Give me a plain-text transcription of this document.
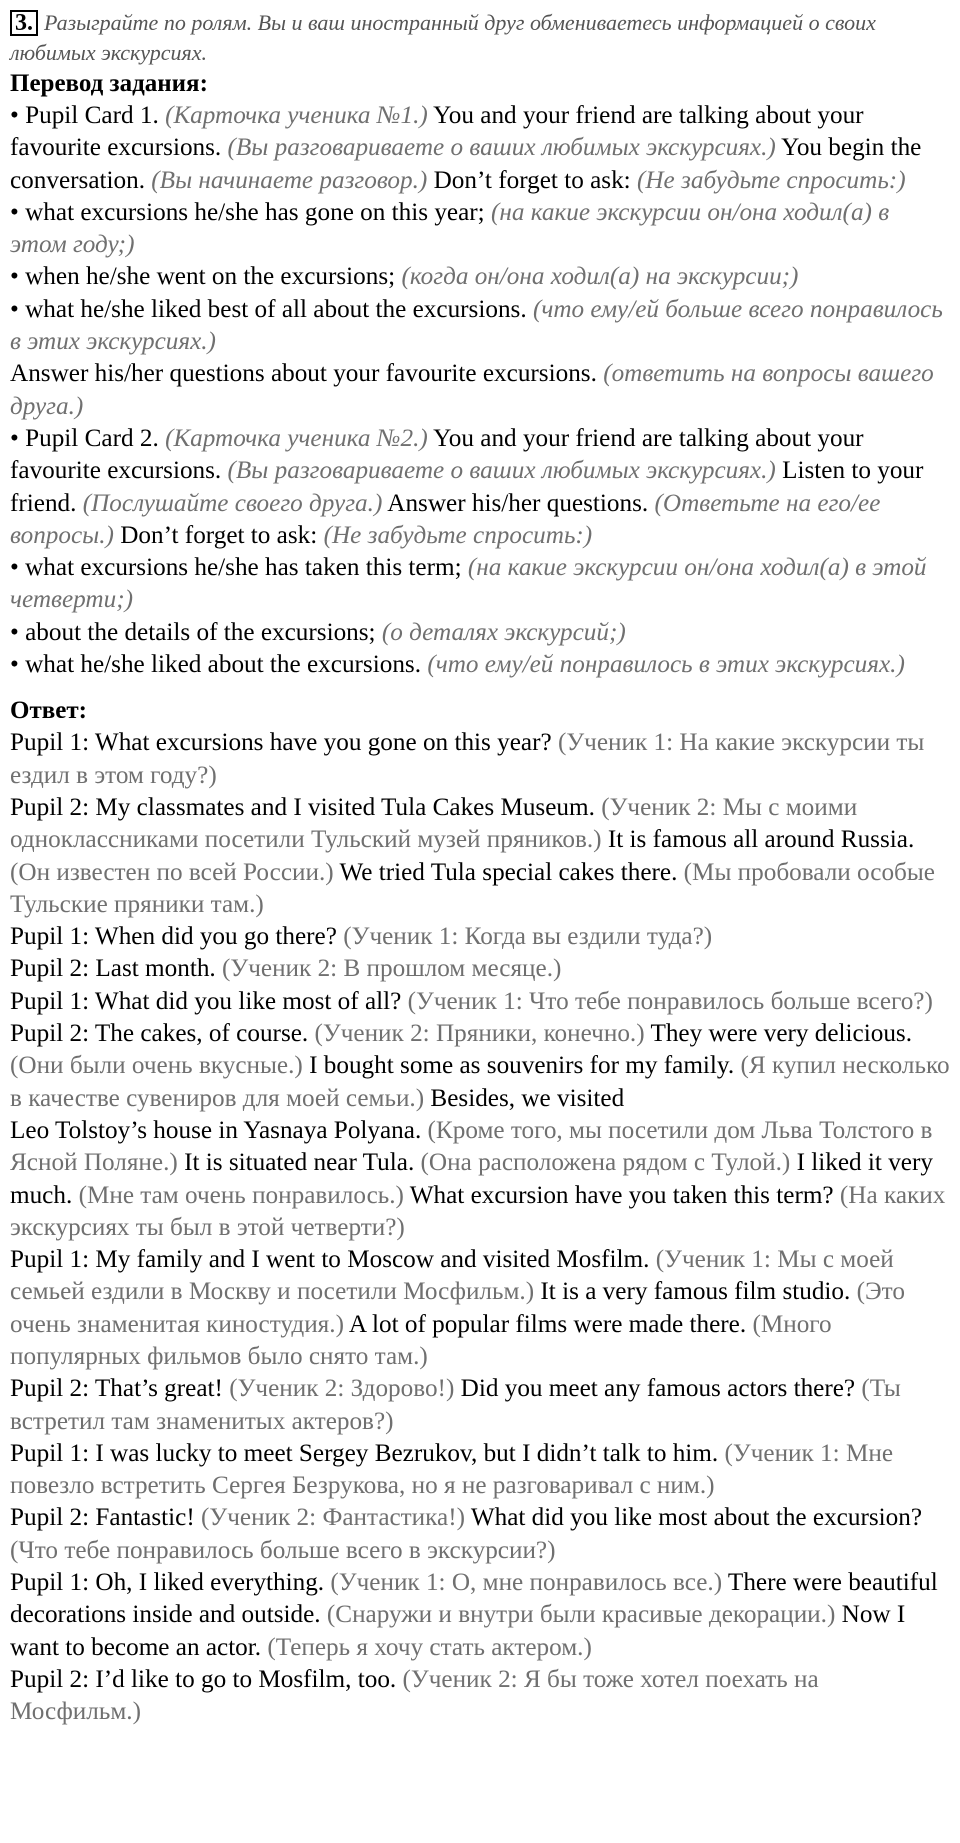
3. Разыграйте по ролям. Вы и ваш иностранный друг обмениваетесь информацией о своих любимых экскурсиях.

Перевод задания:

• Pupil Card 1. (Карточка ученика №1.) You and your friend are talking about your favourite excursions. (Вы разговариваете о ваших любимых экскурсиях.) You begin the conversation. (Вы начинаете разговор.) Don’t forget to ask: (Не забудьте спросить:)

• what excursions he/she has gone on this year; (на какие экскурсии он/она ходил(а) в этом году;)

• when he/she went on the excursions; (когда он/она ходил(а) на экскурсии;)

• what he/she liked best of all about the excursions. (что ему/ей больше всего понравилось в этих экскурсиях.)

Answer his/her questions about your favourite excursions. (ответить на вопросы вашего друга.)

• Pupil Card 2. (Карточка ученика №2.) You and your friend are talking about your favourite excursions. (Вы разговариваете о ваших любимых экскурсиях.) Listen to your friend. (Послушайте своего друга.) Answer his/her questions. (Ответьте на его/ее вопросы.) Don’t forget to ask: (Не забудьте спросить:)

• what excursions he/she has taken this term; (на какие экскурсии он/она ходил(а) в этой четверти;)

• about the details of the excursions; (о деталях экскурсий;)

• what he/she liked about the excursions. (что ему/ей понравилось в этих экскурсиях.)

Ответ:

Pupil 1: What excursions have you gone on this year? (Ученик 1: На какие экскурсии ты ездил в этом году?)

Pupil 2: My classmates and I visited Tula Cakes Museum. (Ученик 2: Мы с моими одноклассниками посетили Тульский музей пряников.) It is famous all around Russia. (Он известен по всей России.) We tried Tula special cakes there. (Мы пробовали особые Тульские пряники там.)

Pupil 1: When did you go there? (Ученик 1: Когда вы ездили туда?)

Pupil 2: Last month. (Ученик 2: В прошлом месяце.)

Pupil 1: What did you like most of all? (Ученик 1: Что тебе понравилось больше всего?)

Pupil 2: The cakes, of course. (Ученик 2: Пряники, конечно.) They were very delicious. (Они были очень вкусные.) I bought some as souvenirs for my family. (Я купил несколько в качестве сувениров для моей семьи.) Besides, we visited

Leo Tolstoy’s house in Yasnaya Polyana. (Кроме того, мы посетили дом Льва Толстого в Ясной Поляне.) It is situated near Tula. (Она расположена рядом с Тулой.) I liked it very much. (Мне там очень понравилось.) What excursion have you taken this term? (На каких экскурсиях ты был в этой четверти?)

Pupil 1: My family and I went to Moscow and visited Mosfilm. (Ученик 1: Мы с моей семьей ездили в Москву и посетили Мосфильм.) It is a very famous film studio. (Это очень знаменитая киностудия.) A lot of popular films were made there. (Много популярных фильмов было снято там.)

Pupil 2: That’s great! (Ученик 2: Здорово!) Did you meet any famous actors there? (Ты встретил там знаменитых актеров?)

Pupil 1: I was lucky to meet Sergey Bezrukov, but I didn’t talk to him. (Ученик 1: Мне повезло встретить Сергея Безрукова, но я не разговаривал с ним.)

Pupil 2: Fantastic! (Ученик 2: Фантастика!) What did you like most about the excursion? (Что тебе понравилось больше всего в экскурсии?)

Pupil 1: Oh, I liked everything. (Ученик 1: О, мне понравилось все.) There were beautiful decorations inside and outside. (Снаружи и внутри были красивые декорации.) Now I want to become an actor. (Теперь я хочу стать актером.)

Pupil 2: I’d like to go to Mosfilm, too. (Ученик 2: Я бы тоже хотел поехать на Мосфильм.)
